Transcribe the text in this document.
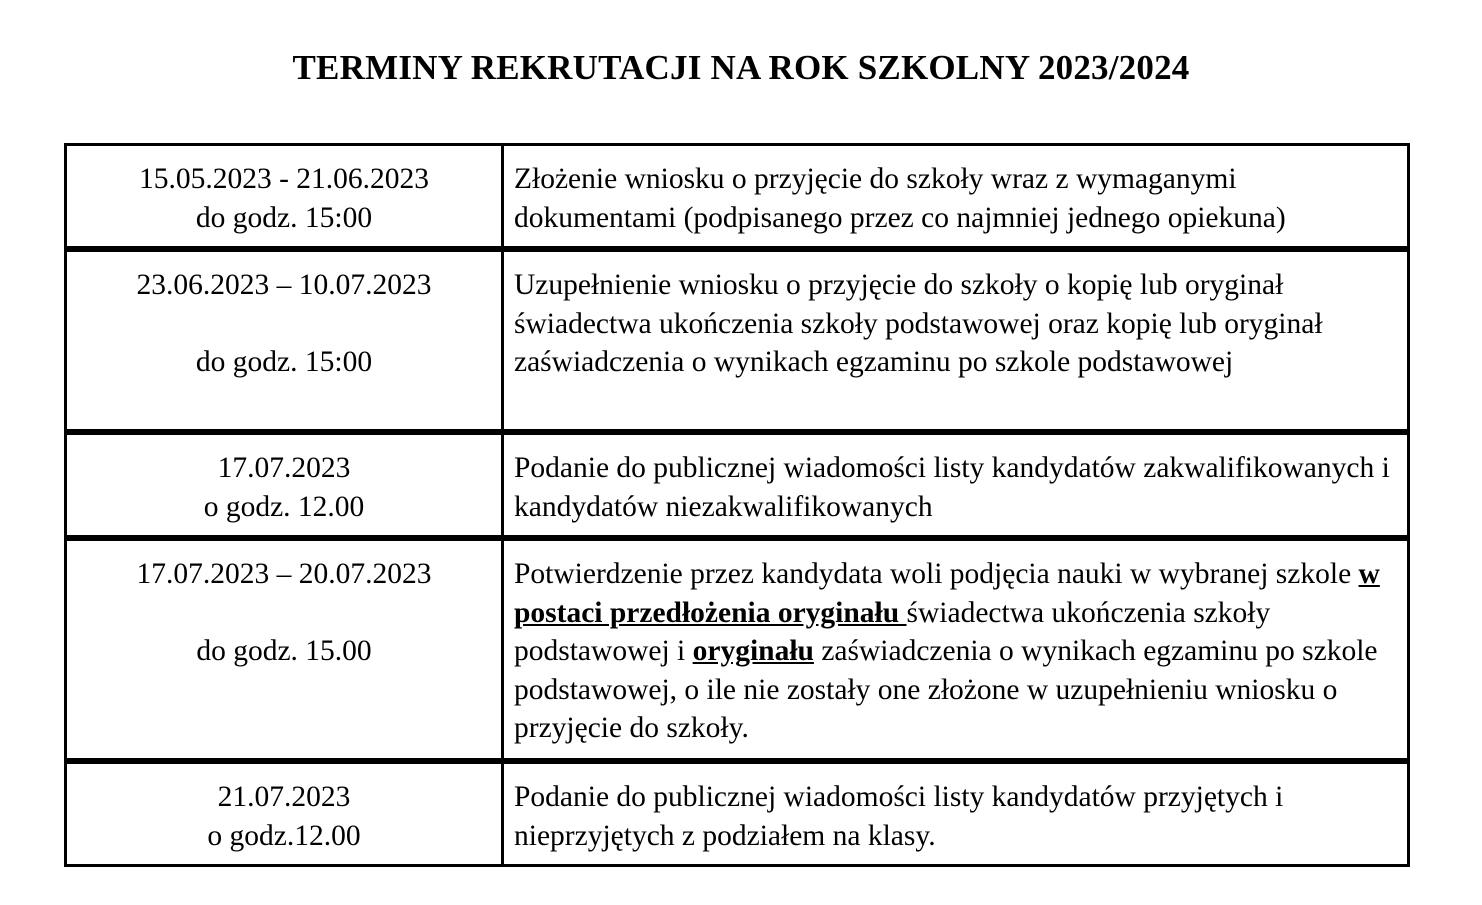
TERMINY REKRUTACJI NA ROK SZKOLNY 2023/2024
15.05.2023 - 21.06.2023
do godz. 15:00	Złożenie wniosku o przyjęcie do szkoły wraz z wymaganymi dokumentami (podpisanego przez co najmniej jednego opiekuna)

23.06.2023 – 10.07.2023
do godz. 15:00	Uzupełnienie wniosku o przyjęcie do szkoły o kopię lub oryginał świadectwa ukończenia szkoły podstawowej oraz kopię lub oryginał zaświadczenia o wynikach egzaminu po szkole podstawowej

17.07.2023
o godz. 12.00	Podanie do publicznej wiadomości listy kandydatów zakwalifikowanych i kandydatów niezakwalifikowanych

17.07.2023 – 20.07.2023
do godz. 15.00	Potwierdzenie przez kandydata woli podjęcia nauki w wybranej szkole w postaci przedłożenia oryginału świadectwa ukończenia szkoły podstawowej i oryginału zaświadczenia o wynikach egzaminu po szkole podstawowej, o ile nie zostały one złożone w uzupełnieniu wniosku o przyjęcie do szkoły.

21.07.2023
o godz.12.00	Podanie do publicznej wiadomości listy kandydatów przyjętych i nieprzyjętych z podziałem na klasy.
